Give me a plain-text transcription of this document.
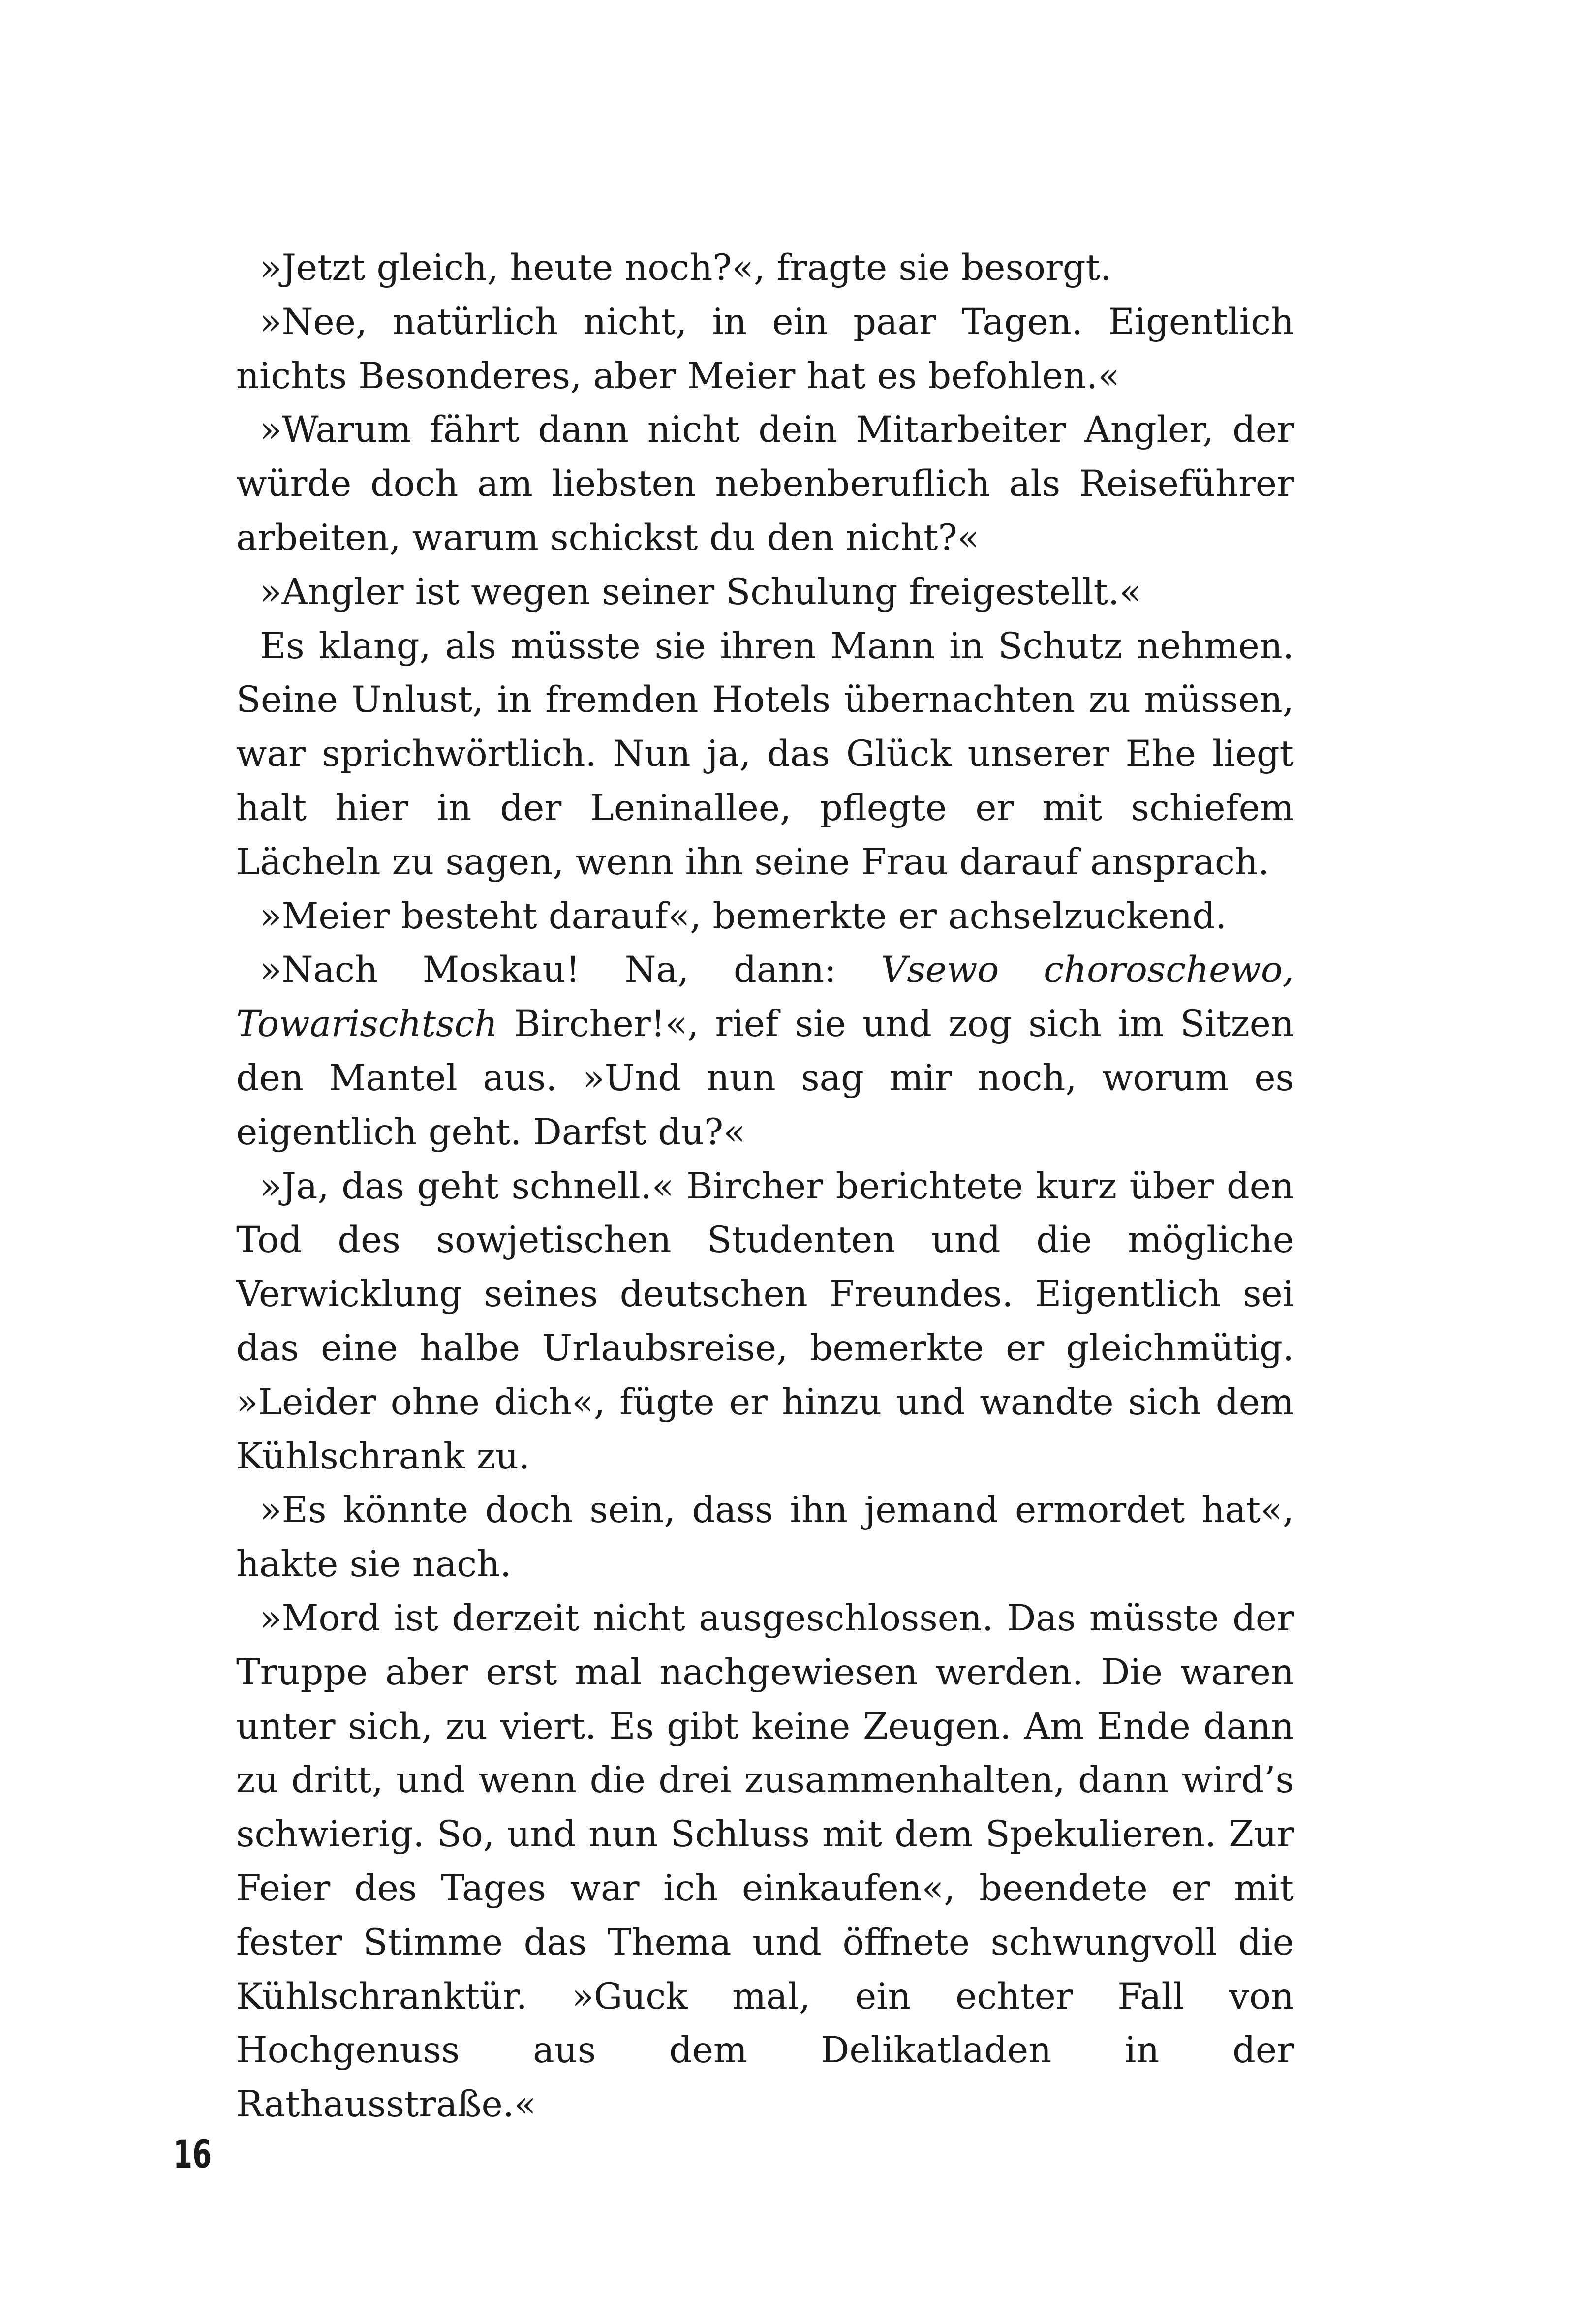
»Jetzt gleich, heute noch?«, fragte sie besorgt.

»Nee, natürlich nicht, in ein paar Tagen. Eigentlich nichts Besonderes, aber Meier hat es befohlen.«

»Warum fährt dann nicht dein Mitarbeiter Angler, der würde doch am liebsten nebenberuflich als Reiseführer arbeiten, warum schickst du den nicht?«

»Angler ist wegen seiner Schulung freigestellt.«

Es klang, als müsste sie ihren Mann in Schutz nehmen. Seine Unlust, in fremden Hotels übernachten zu müssen, war sprichwörtlich. Nun ja, das Glück unserer Ehe liegt halt hier in der Leninallee, pflegte er mit schiefem Lächeln zu sagen, wenn ihn seine Frau darauf ansprach.

»Meier besteht darauf«, bemerkte er achselzuckend.

»Nach Moskau! Na, dann: Vsewo choroschewo, Towarischtsch Bircher!«, rief sie und zog sich im Sitzen den Mantel aus. »Und nun sag mir noch, worum es eigentlich geht. Darfst du?«

»Ja, das geht schnell.« Bircher berichtete kurz über den Tod des sowjetischen Studenten und die mögliche Verwicklung seines deutschen Freundes. Eigentlich sei das eine halbe Urlaubsreise, bemerkte er gleichmütig. »Leider ohne dich«, fügte er hinzu und wandte sich dem Kühlschrank zu.

»Es könnte doch sein, dass ihn jemand ermordet hat«, hakte sie nach.

»Mord ist derzeit nicht ausgeschlossen. Das müsste der Truppe aber erst mal nachgewiesen werden. Die waren unter sich, zu viert. Es gibt keine Zeugen. Am Ende dann zu dritt, und wenn die drei zusammenhalten, dann wird’s schwierig. So, und nun Schluss mit dem Spekulieren. Zur Feier des Tages war ich einkaufen«, beendete er mit fester Stimme das Thema und öffnete schwungvoll die Kühlschranktür. »Guck mal, ein echter Fall von Hochgenuss aus dem Delikatladen in der Rathausstraße.«

16
